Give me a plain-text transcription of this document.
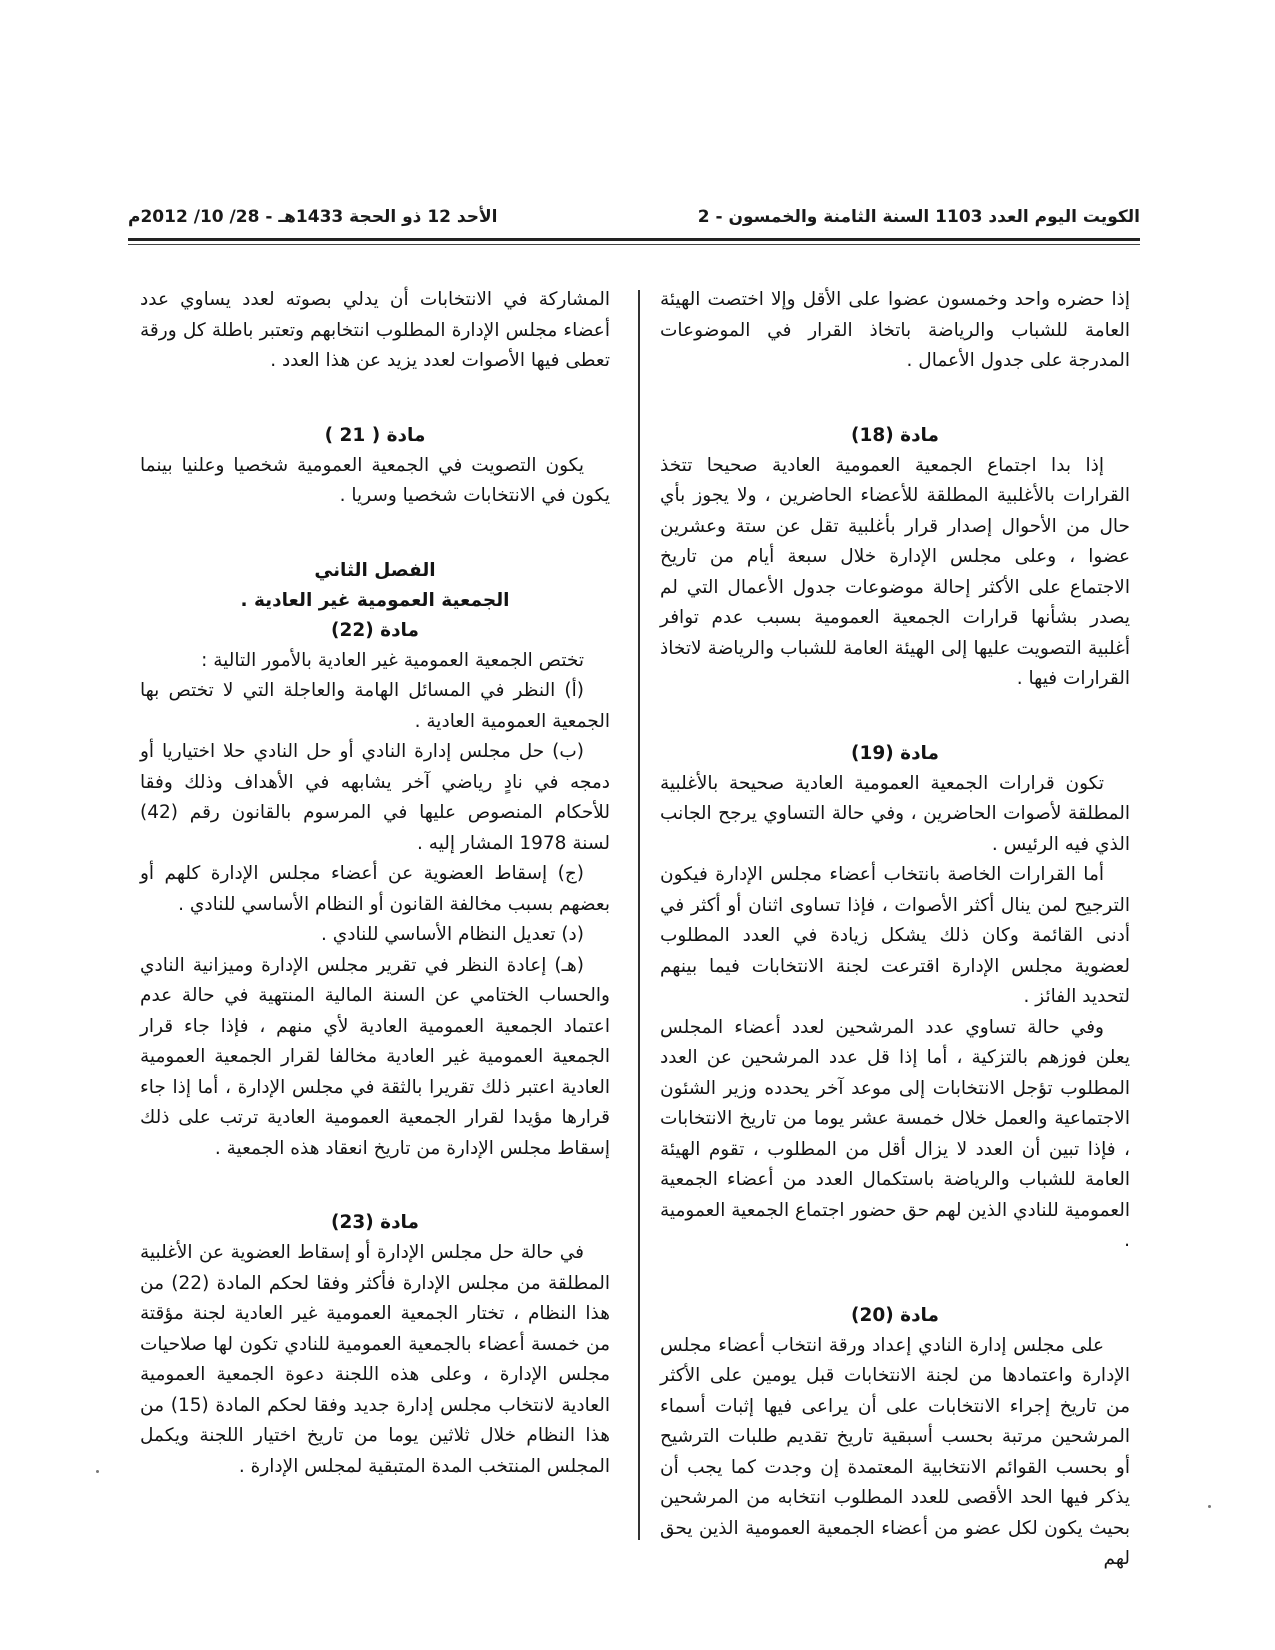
الكويت اليوم العدد 1103 السنة الثامنة والخمسون - 2
الأحد 12 ذو الحجة 1433هـ - 28/ 10/ 2012م

إذا حضره واحد وخمسون عضوا على الأقل وإلا اختصت الهيئة العامة للشباب والرياضة باتخاذ القرار في الموضوعات المدرجة على جدول الأعمال .

مادة (18)

إذا بدا اجتماع الجمعية العمومية العادية صحيحا تتخذ القرارات بالأغلبية المطلقة للأعضاء الحاضرين ، ولا يجوز بأي حال من الأحوال إصدار قرار بأغلبية تقل عن ستة وعشرين عضوا ، وعلى مجلس الإدارة خلال سبعة أيام من تاريخ الاجتماع على الأكثر إحالة موضوعات جدول الأعمال التي لم يصدر بشأنها قرارات الجمعية العمومية بسبب عدم توافر أغلبية التصويت عليها إلى الهيئة العامة للشباب والرياضة لاتخاذ القرارات فيها .

مادة (19)

تكون قرارات الجمعية العمومية العادية صحيحة بالأغلبية المطلقة لأصوات الحاضرين ، وفي حالة التساوي يرجح الجانب الذي فيه الرئيس .

أما القرارات الخاصة بانتخاب أعضاء مجلس الإدارة فيكون الترجيح لمن ينال أكثر الأصوات ، فإذا تساوى اثنان أو أكثر في أدنى القائمة وكان ذلك يشكل زيادة في العدد المطلوب لعضوية مجلس الإدارة اقترعت لجنة الانتخابات فيما بينهم لتحديد الفائز .

وفي حالة تساوي عدد المرشحين لعدد أعضاء المجلس يعلن فوزهم بالتزكية ، أما إذا قل عدد المرشحين عن العدد المطلوب تؤجل الانتخابات إلى موعد آخر يحدده وزير الشئون الاجتماعية والعمل خلال خمسة عشر يوما من تاريخ الانتخابات ، فإذا تبين أن العدد لا يزال أقل من المطلوب ، تقوم الهيئة العامة للشباب والرياضة باستكمال العدد من أعضاء الجمعية العمومية للنادي الذين لهم حق حضور اجتماع الجمعية العمومية .

مادة (20)

على مجلس إدارة النادي إعداد ورقة انتخاب أعضاء مجلس الإدارة واعتمادها من لجنة الانتخابات قبل يومين على الأكثر من تاريخ إجراء الانتخابات على أن يراعى فيها إثبات أسماء المرشحين مرتبة بحسب أسبقية تاريخ تقديم طلبات الترشيح أو بحسب القوائم الانتخابية المعتمدة إن وجدت كما يجب أن يذكر فيها الحد الأقصى للعدد المطلوب انتخابه من المرشحين بحيث يكون لكل عضو من أعضاء الجمعية العمومية الذين يحق لهم

المشاركة في الانتخابات أن يدلي بصوته لعدد يساوي عدد أعضاء مجلس الإدارة المطلوب انتخابهم وتعتبر باطلة كل ورقة تعطى فيها الأصوات لعدد يزيد عن هذا العدد .

مادة ( 21 )

يكون التصويت في الجمعية العمومية شخصيا وعلنيا بينما يكون في الانتخابات شخصيا وسريا .

الفصل الثاني

الجمعية العمومية غير العادية .

مادة (22)

تختص الجمعية العمومية غير العادية بالأمور التالية :

(أ) النظر في المسائل الهامة والعاجلة التي لا تختص بها الجمعية العمومية العادية .

(ب) حل مجلس إدارة النادي أو حل النادي حلا اختياريا أو دمجه في نادٍ رياضي آخر يشابهه في الأهداف وذلك وفقا للأحكام المنصوص عليها في المرسوم بالقانون رقم (42) لسنة 1978 المشار إليه .

(ج) إسقاط العضوية عن أعضاء مجلس الإدارة كلهم أو بعضهم بسبب مخالفة القانون أو النظام الأساسي للنادي .

(د) تعديل النظام الأساسي للنادي .

(هـ) إعادة النظر في تقرير مجلس الإدارة وميزانية النادي والحساب الختامي عن السنة المالية المنتهية في حالة عدم اعتماد الجمعية العمومية العادية لأي منهم ، فإذا جاء قرار الجمعية العمومية غير العادية مخالفا لقرار الجمعية العمومية العادية اعتبر ذلك تقريرا بالثقة في مجلس الإدارة ، أما إذا جاء قرارها مؤيدا لقرار الجمعية العمومية العادية ترتب على ذلك إسقاط مجلس الإدارة من تاريخ انعقاد هذه الجمعية .

مادة (23)

في حالة حل مجلس الإدارة أو إسقاط العضوية عن الأغلبية المطلقة من مجلس الإدارة فأكثر وفقا لحكم المادة (22) من هذا النظام ، تختار الجمعية العمومية غير العادية لجنة مؤقتة من خمسة أعضاء بالجمعية العمومية للنادي تكون لها صلاحيات مجلس الإدارة ، وعلى هذه اللجنة دعوة الجمعية العمومية العادية لانتخاب مجلس إدارة جديد وفقا لحكم المادة (15) من هذا النظام خلال ثلاثين يوما من تاريخ اختيار اللجنة ويكمل المجلس المنتخب المدة المتبقية لمجلس الإدارة .
